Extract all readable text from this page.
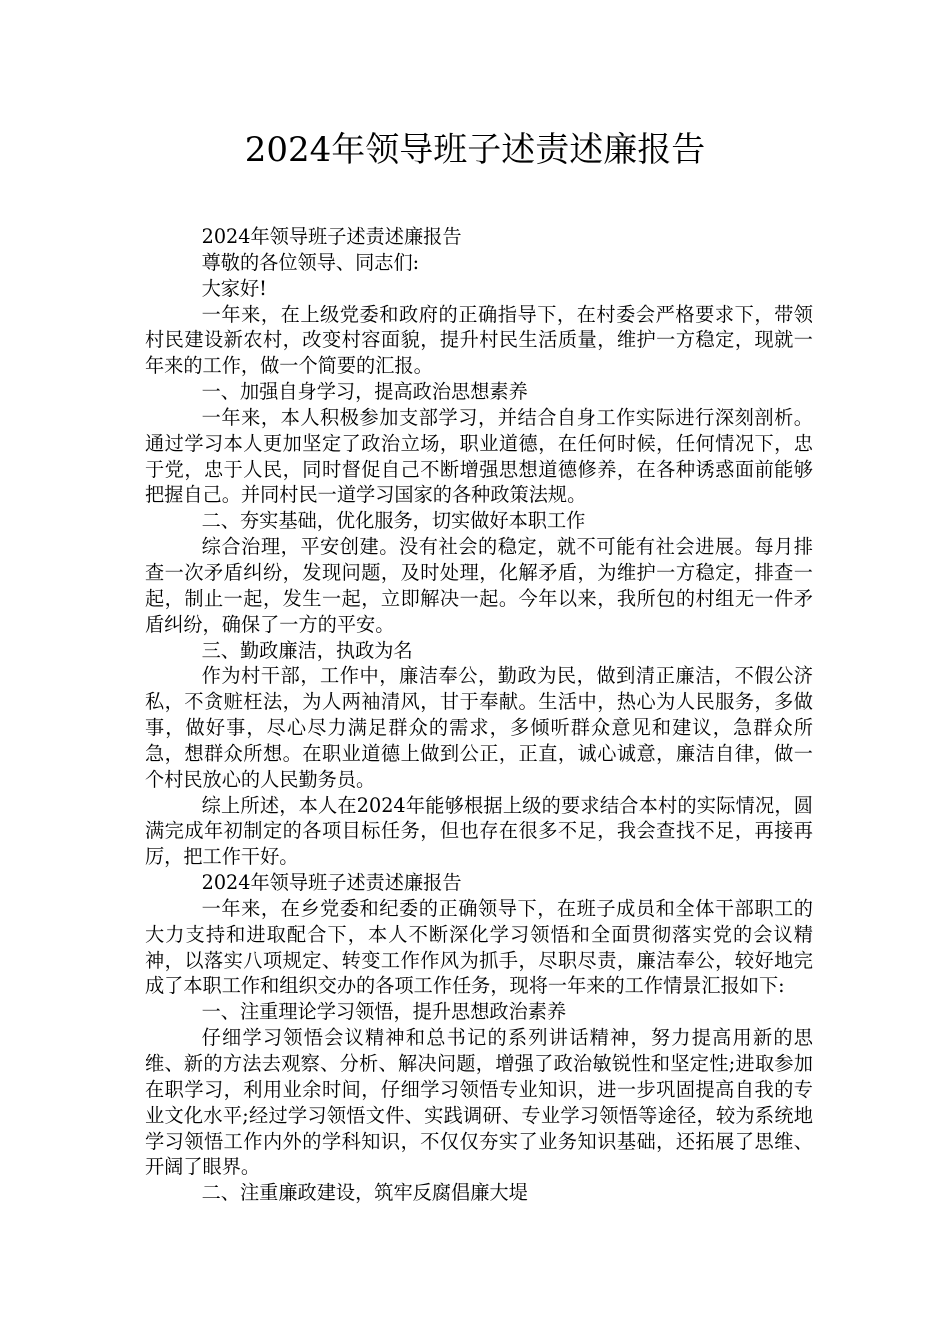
2024年领导班子述责述廉报告

2024年领导班子述责述廉报告

尊敬的各位领导、同志们:

大家好!

一年来，在上级党委和政府的正确指导下，在村委会严格要求下，带领村民建设新农村，改变村容面貌，提升村民生活质量，维护一方稳定，现就一年来的工作，做一个简要的汇报。

一、加强自身学习，提高政治思想素养

一年来，本人积极参加支部学习，并结合自身工作实际进行深刻剖析。通过学习本人更加坚定了政治立场，职业道德，在任何时候，任何情况下，忠于党，忠于人民，同时督促自己不断增强思想道德修养，在各种诱惑面前能够把握自己。并同村民一道学习国家的各种政策法规。

二、夯实基础，优化服务，切实做好本职工作

综合治理，平安创建。没有社会的稳定，就不可能有社会进展。每月排查一次矛盾纠纷，发现问题，及时处理，化解矛盾，为维护一方稳定，排查一起，制止一起，发生一起，立即解决一起。今年以来，我所包的村组无一件矛盾纠纷，确保了一方的平安。

三、勤政廉洁，执政为名

作为村干部，工作中，廉洁奉公，勤政为民，做到清正廉洁，不假公济私，不贪赃枉法，为人两袖清风，甘于奉献。生活中，热心为人民服务，多做事，做好事，尽心尽力满足群众的需求，多倾听群众意见和建议，急群众所急，想群众所想。在职业道德上做到公正，正直，诚心诚意，廉洁自律，做一个村民放心的人民勤务员。

综上所述，本人在2024年能够根据上级的要求结合本村的实际情况，圆满完成年初制定的各项目标任务，但也存在很多不足，我会查找不足，再接再厉，把工作干好。

2024年领导班子述责述廉报告

一年来，在乡党委和纪委的正确领导下，在班子成员和全体干部职工的大力支持和进取配合下，本人不断深化学习领悟和全面贯彻落实党的会议精神，以落实八项规定、转变工作作风为抓手，尽职尽责，廉洁奉公，较好地完成了本职工作和组织交办的各项工作任务，现将一年来的工作情景汇报如下:

一、注重理论学习领悟，提升思想政治素养

仔细学习领悟会议精神和总书记的系列讲话精神，努力提高用新的思维、新的方法去观察、分析、解决问题，增强了政治敏锐性和坚定性;进取参加在职学习，利用业余时间，仔细学习领悟专业知识，进一步巩固提高自我的专业文化水平;经过学习领悟文件、实践调研、专业学习领悟等途径，较为系统地学习领悟工作内外的学科知识，不仅仅夯实了业务知识基础，还拓展了思维、开阔了眼界。

二、注重廉政建设，筑牢反腐倡廉大堤
